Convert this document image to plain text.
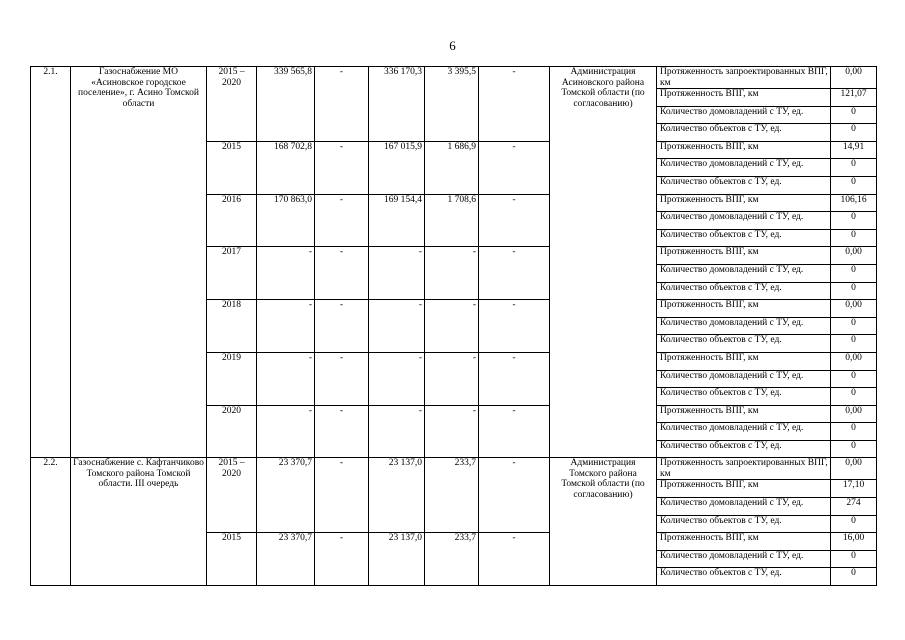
6
2.1.	Газоснабжение МО «Асиновское городское поселение», г. Асино Томской области	2015 – 2020	339 565,8	-	336 170,3	3 395,5	-	Администрация Асиновского района Томской области (по согласованию)	Протяженность запроектированных ВПГ, км	0,00
									Протяженность ВПГ, км	121,07
									Количество домовладений с ТУ, ед.	0
									Количество объектов с ТУ, ед.	0
		2015	168 702,8	-	167 015,9	1 686,9	-		Протяженность ВПГ, км	14,91
									Количество домовладений с ТУ, ед.	0
									Количество объектов с ТУ, ед.	0
		2016	170 863,0	-	169 154,4	1 708,6	-		Протяженность ВПГ, км	106,16
									Количество домовладений с ТУ, ед.	0
									Количество объектов с ТУ, ед.	0
		2017	-	-	-	-	-		Протяженность ВПГ, км	0,00
									Количество домовладений с ТУ, ед.	0
									Количество объектов с ТУ, ед.	0
		2018	-	-	-	-	-		Протяженность ВПГ, км	0,00
									Количество домовладений с ТУ, ед.	0
									Количество объектов с ТУ, ед.	0
		2019	-	-	-	-	-		Протяженность ВПГ, км	0,00
									Количество домовладений с ТУ, ед.	0
									Количество объектов с ТУ, ед.	0
		2020	-	-	-	-	-		Протяженность ВПГ, км	0,00
									Количество домовладений с ТУ, ед.	0
									Количество объектов с ТУ, ед.	0
2.2.	Газоснабжение с. Кафтанчиково Томского района Томской области. III очередь	2015 – 2020	23 370,7	-	23 137,0	233,7	-	Администрация Томского района Томской области (по согласованию)	Протяженность запроектированных ВПГ, км	0,00
									Протяженность ВПГ, км	17,10
									Количество домовладений с ТУ, ед.	274
									Количество объектов с ТУ, ед.	0
		2015	23 370,7	-	23 137,0	233,7	-		Протяженность ВПГ, км	16,00
									Количество домовладений с ТУ, ед.	0
									Количество объектов с ТУ, ед.	0
